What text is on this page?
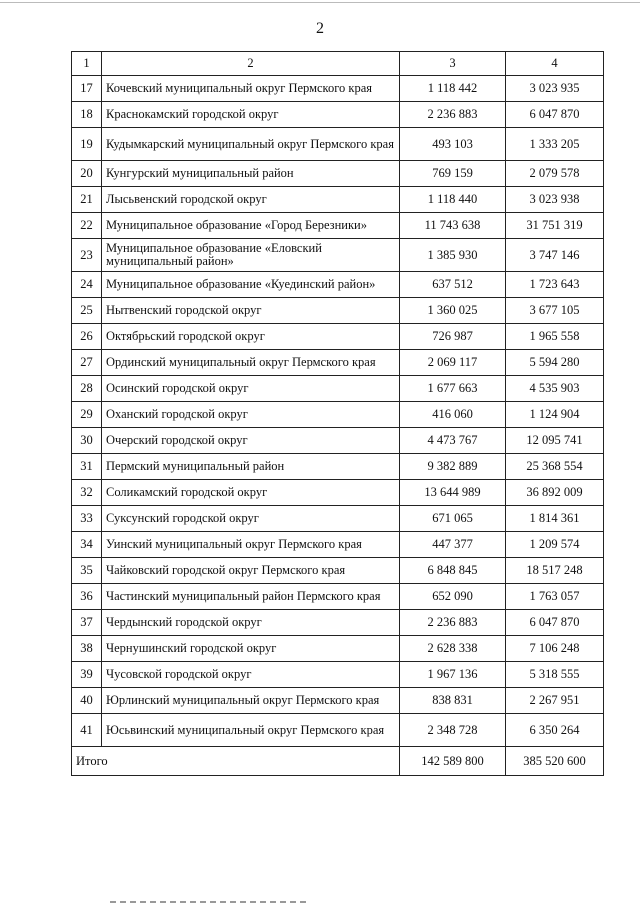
2
1	2	3	4
17	Кочевский муниципальный округ Пермского края	1 118 442	3 023 935
18	Краснокамский городской округ	2 236 883	6 047 870
19	Кудымкарский муниципальный округ Пермского края	493 103	1 333 205
20	Кунгурский муниципальный район	769 159	2 079 578
21	Лысьвенский городской округ	1 118 440	3 023 938
22	Муниципальное образование «Город Березники»	11 743 638	31 751 319
23	Муниципальное образование «Еловский муниципальный район»	1 385 930	3 747 146
24	Муниципальное образование «Куединский район»	637 512	1 723 643
25	Нытвенский городской округ	1 360 025	3 677 105
26	Октябрьский городской округ	726 987	1 965 558
27	Ординский муниципальный округ Пермского края	2 069 117	5 594 280
28	Осинский городской округ	1 677 663	4 535 903
29	Оханский городской округ	416 060	1 124 904
30	Очерский городской округ	4 473 767	12 095 741
31	Пермский муниципальный район	9 382 889	25 368 554
32	Соликамский городской округ	13 644 989	36 892 009
33	Суксунский городской округ	671 065	1 814 361
34	Уинский муниципальный округ Пермского края	447 377	1 209 574
35	Чайковский городской округ Пермского края	6 848 845	18 517 248
36	Частинский муниципальный район Пермского края	652 090	1 763 057
37	Чердынский городской округ	2 236 883	6 047 870
38	Чернушинский городской округ	2 628 338	7 106 248
39	Чусовской городской округ	1 967 136	5 318 555
40	Юрлинский муниципальный округ Пермского края	838 831	2 267 951
41	Юсьвинский муниципальный округ Пермского края	2 348 728	6 350 264
Итого		142 589 800	385 520 600
